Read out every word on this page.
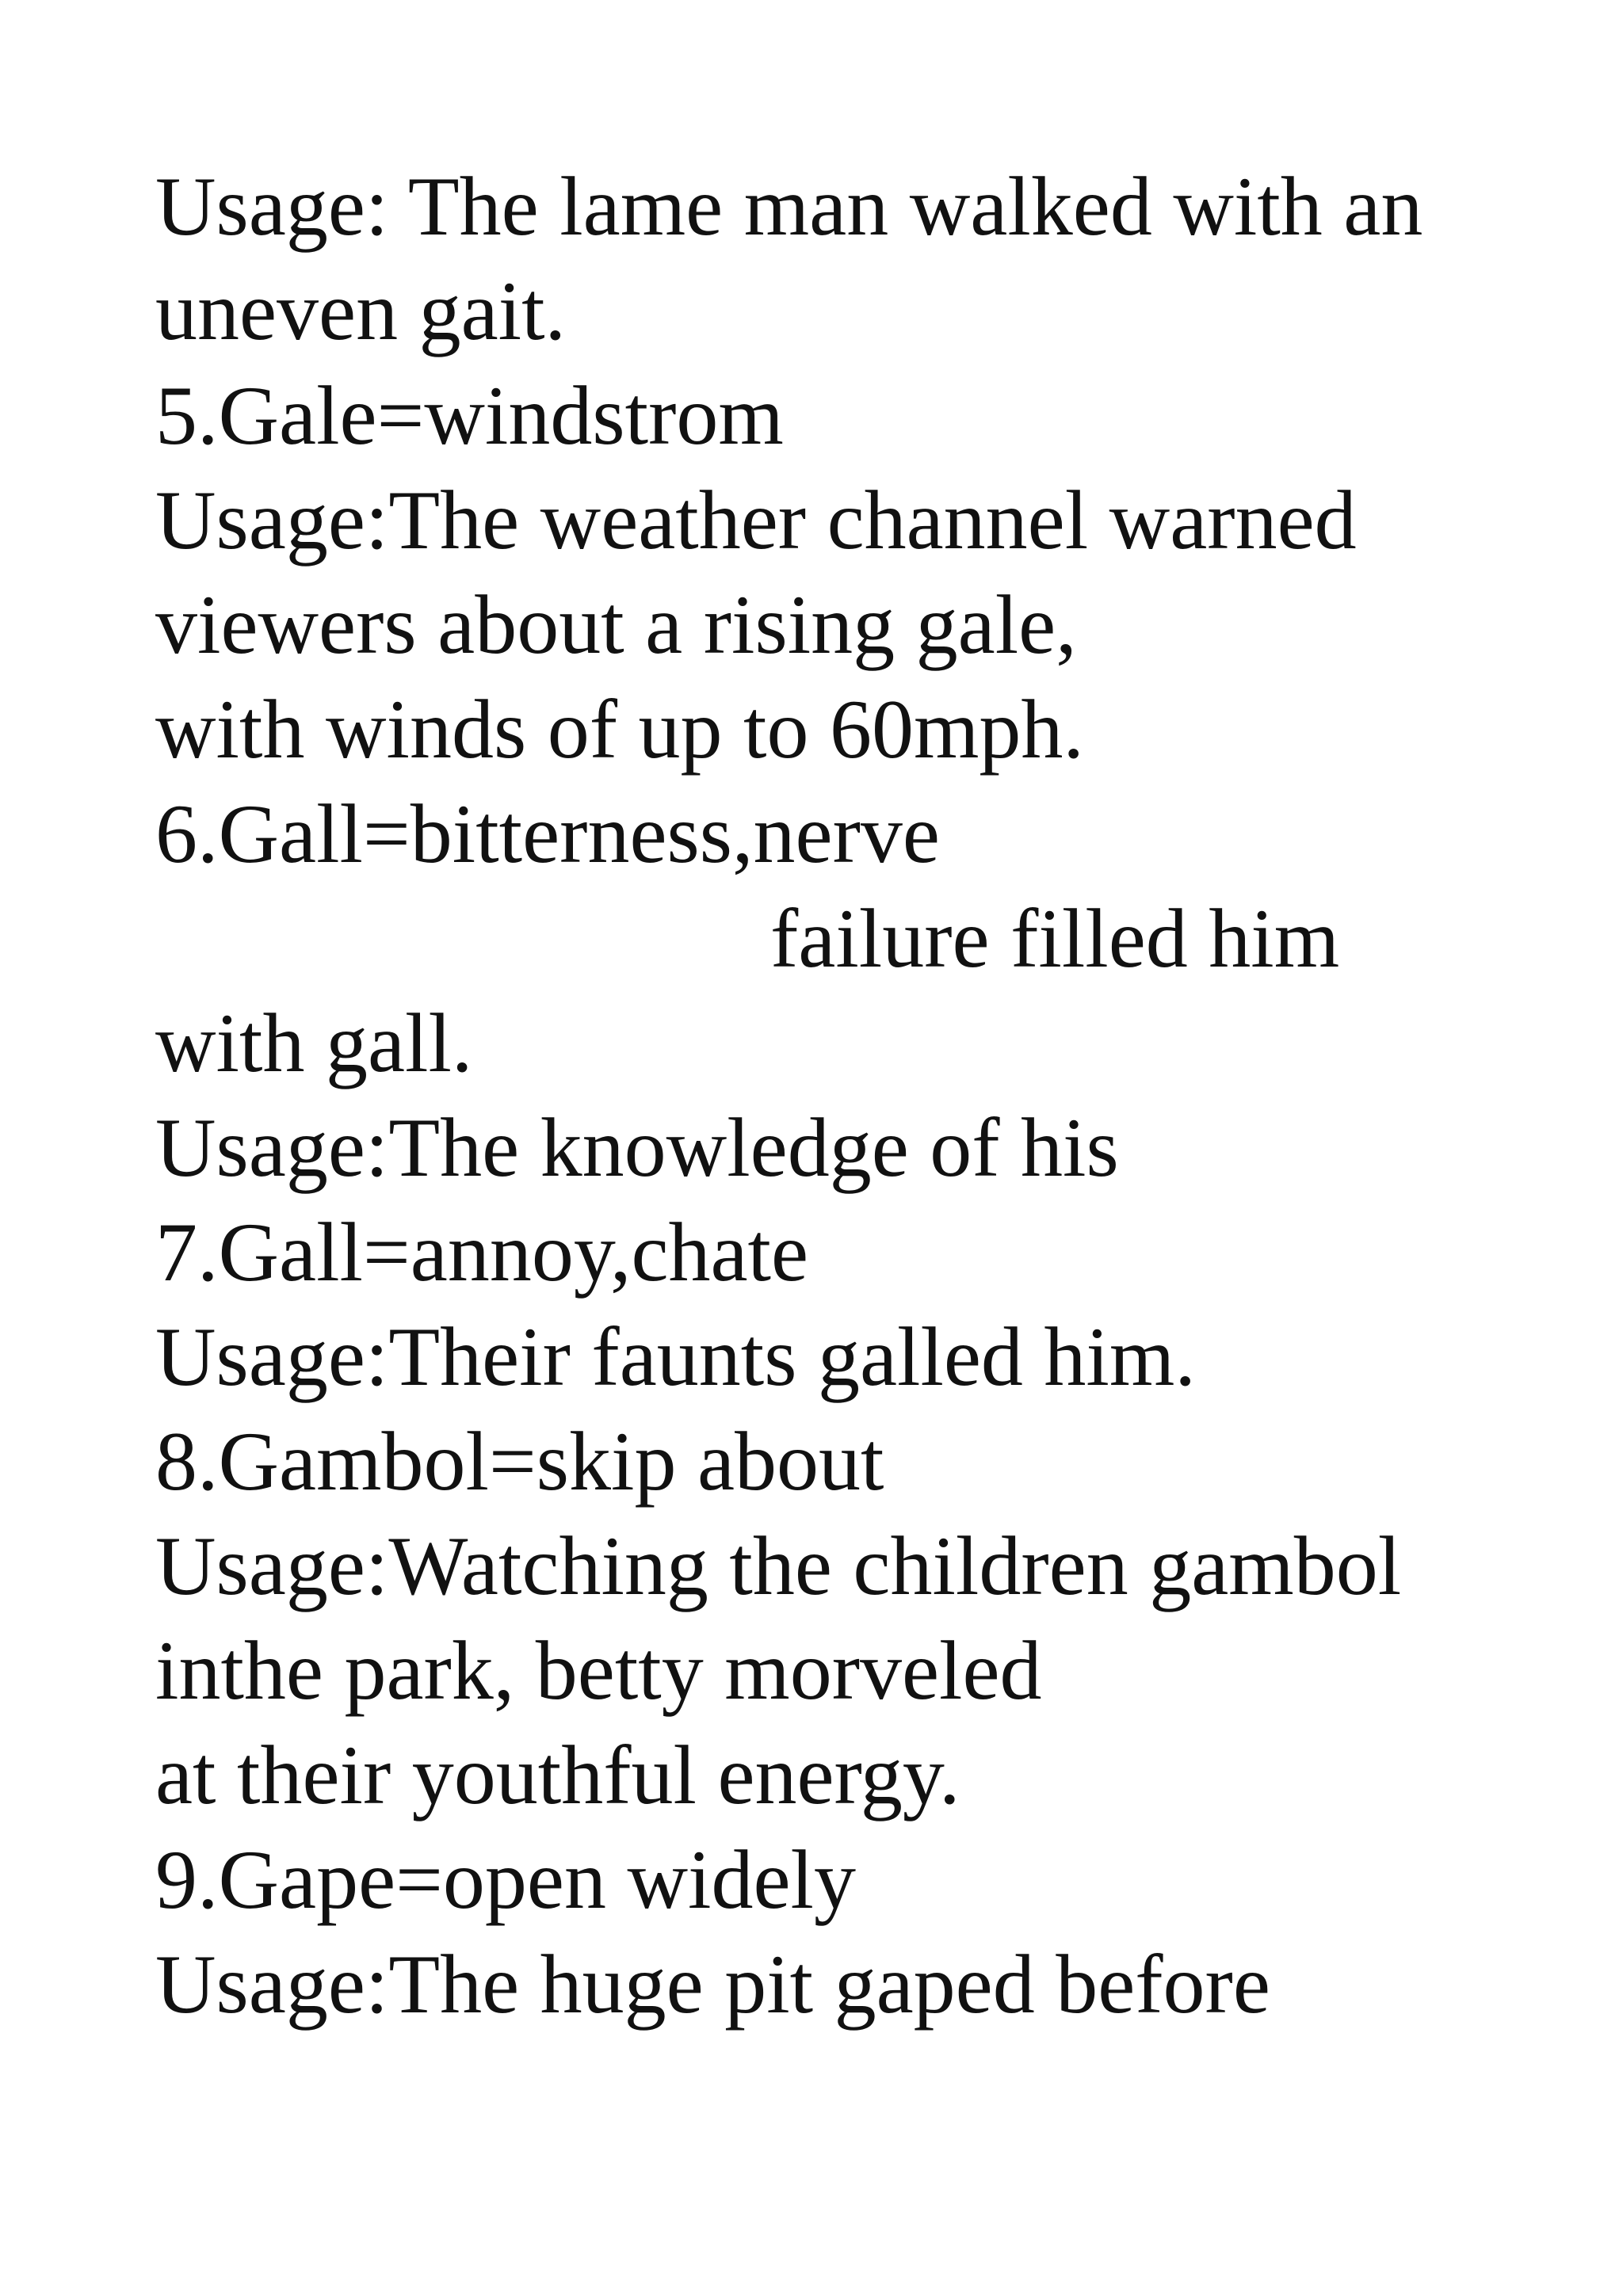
Usage: The lame man walked with an
uneven gait.
5.Gale=windstrom
Usage:The weather channel warned
viewers about a rising gale,
with winds of up to 60mph.
6.Gall=bitterness,nerve
failure filled him
with gall.
Usage:The knowledge of his
7.Gall=annoy,chate
Usage:Their faunts galled him.
8.Gambol=skip about
Usage:Watching the children gambol
inthe park, betty morveled
at their youthful energy.
9.Gape=open widely
Usage:The huge pit gaped before
